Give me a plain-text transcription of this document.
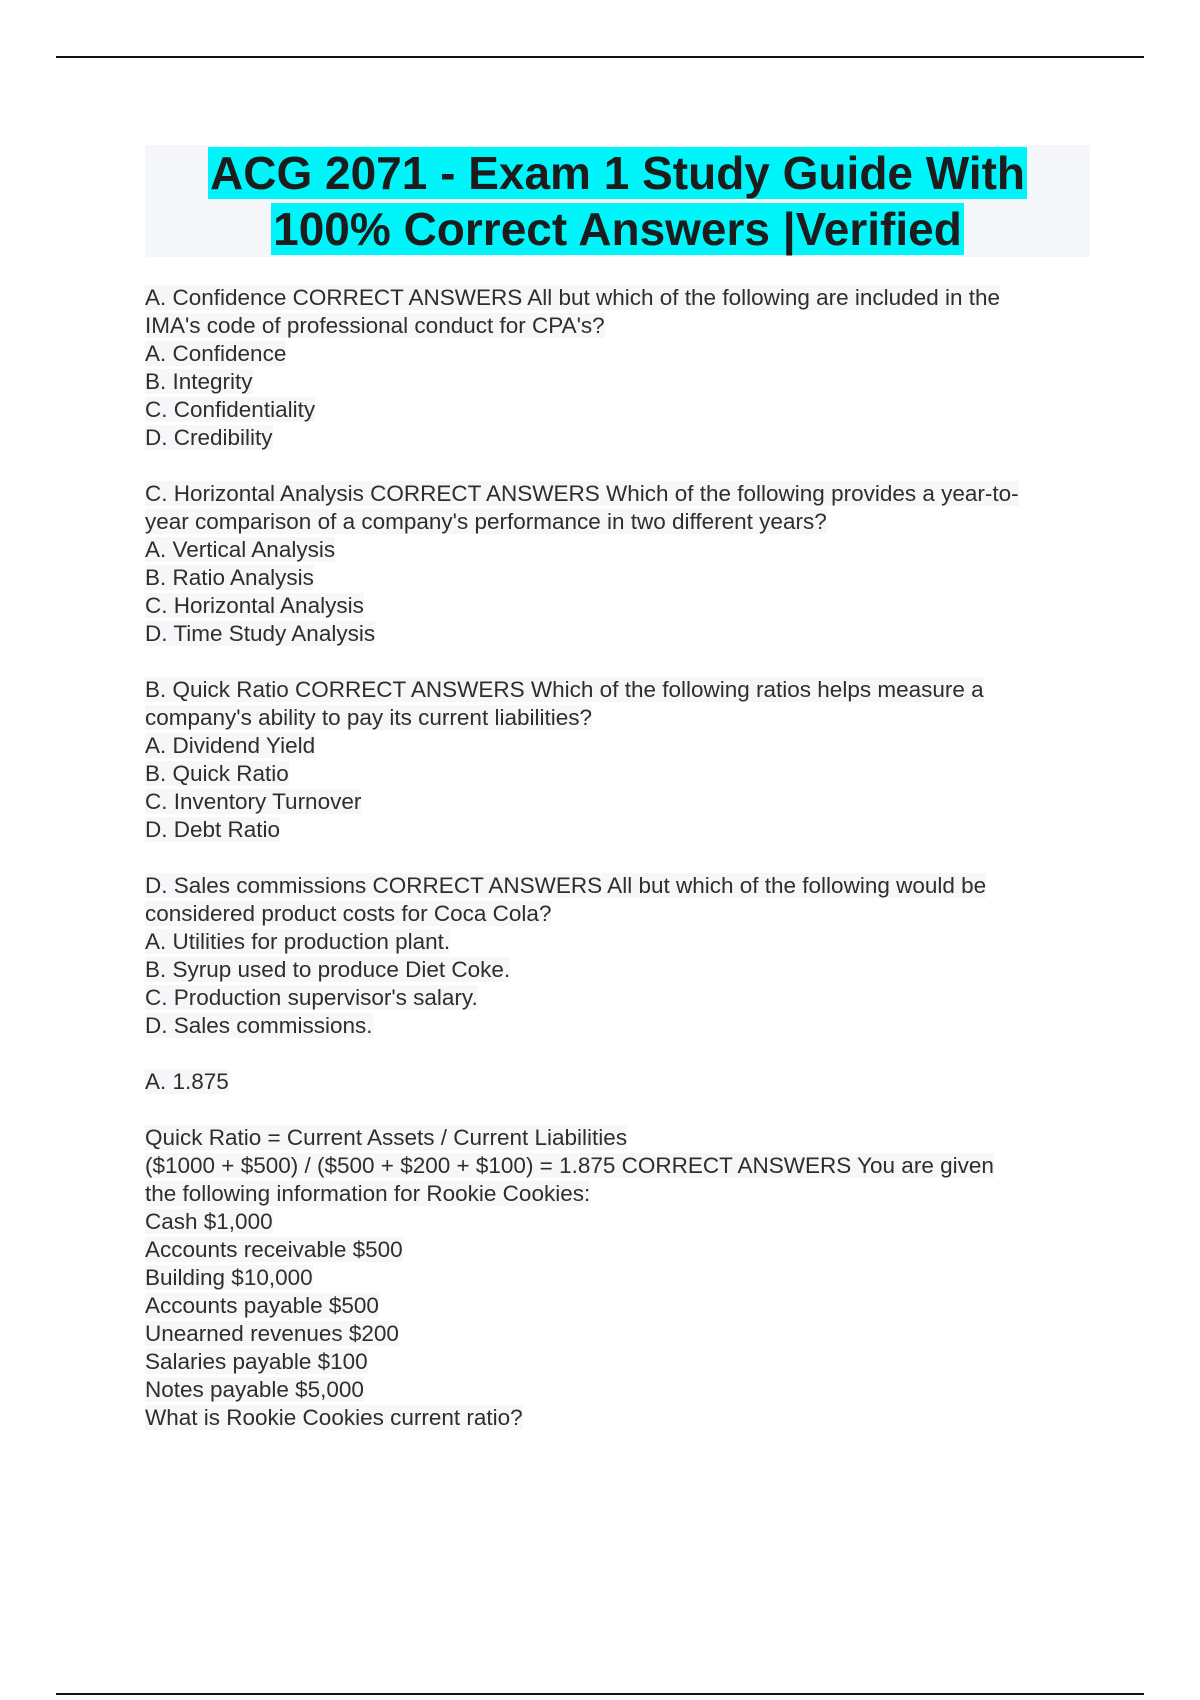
ACG 2071 - Exam 1 Study Guide With
100% Correct Answers |Verified
A. Confidence CORRECT ANSWERS All but which of the following are included in the
IMA's code of professional conduct for CPA's?
A. Confidence
B. Integrity
C. Confidentiality
D. Credibility
C. Horizontal Analysis CORRECT ANSWERS Which of the following provides a year-to-
year comparison of a company's performance in two different years?
A. Vertical Analysis
B. Ratio Analysis
C. Horizontal Analysis
D. Time Study Analysis
B. Quick Ratio CORRECT ANSWERS Which of the following ratios helps measure a
company's ability to pay its current liabilities?
A. Dividend Yield
B. Quick Ratio
C. Inventory Turnover
D. Debt Ratio
D. Sales commissions CORRECT ANSWERS All but which of the following would be
considered product costs for Coca Cola?
A. Utilities for production plant.
B. Syrup used to produce Diet Coke.
C. Production supervisor's salary.
D. Sales commissions.
A. 1.875
Quick Ratio = Current Assets / Current Liabilities
($1000 + $500) / ($500 + $200 + $100) = 1.875 CORRECT ANSWERS You are given
the following information for Rookie Cookies:
Cash $1,000
Accounts receivable $500
Building $10,000
Accounts payable $500
Unearned revenues $200
Salaries payable $100
Notes payable $5,000
What is Rookie Cookies current ratio?
